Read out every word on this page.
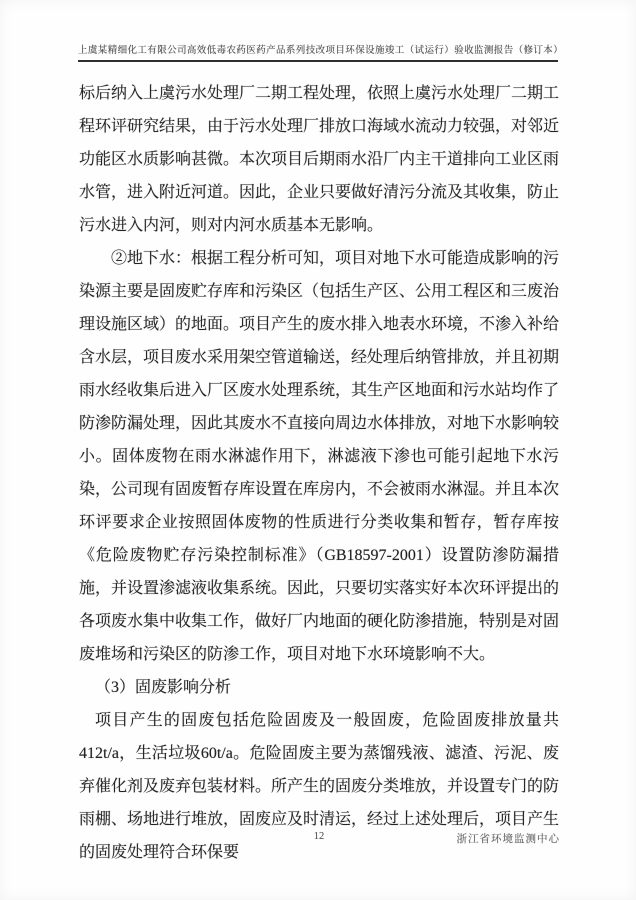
上虞某精细化工有限公司高效低毒农药医药产品系列技改项目环保设施竣工（试运行）验收监测报告（修订本）

标后纳入上虞污水处理厂二期工程处理，依照上虞污水处理厂二期工程环评研究结果，由于污水处理厂排放口海域水流动力较强，对邻近功能区水质影响甚微。本次项目后期雨水沿厂内主干道排向工业区雨水管，进入附近河道。因此，企业只要做好清污分流及其收集，防止污水进入内河，则对内河水质基本无影响。

②地下水：根据工程分析可知，项目对地下水可能造成影响的污染源主要是固废贮存库和污染区（包括生产区、公用工程区和三废治理设施区域）的地面。项目产生的废水排入地表水环境，不渗入补给含水层，项目废水采用架空管道输送，经处理后纳管排放，并且初期雨水经收集后进入厂区废水处理系统，其生产区地面和污水站均作了防渗防漏处理，因此其废水不直接向周边水体排放，对地下水影响较小。固体废物在雨水淋滤作用下，淋滤液下渗也可能引起地下水污染，公司现有固废暂存库设置在库房内，不会被雨水淋湿。并且本次环评要求企业按照固体废物的性质进行分类收集和暂存，暂存库按《危险废物贮存污染控制标准》（GB18597-2001）设置防渗防漏措施，并设置渗滤液收集系统。因此，只要切实落实好本次环评提出的各项废水集中收集工作，做好厂内地面的硬化防渗措施，特别是对固废堆场和污染区的防渗工作，项目对地下水环境影响不大。

（3）固废影响分析

项目产生的固废包括危险固废及一般固废，危险固废排放量共412t/a，生活垃圾60t/a。危险固废主要为蒸馏残液、滤渣、污泥、废弃催化剂及废弃包装材料。所产生的固废分类堆放，并设置专门的防雨棚、场地进行堆放，固废应及时清运，经过上述处理后，项目产生的固废处理符合环保要

12	浙江省环境监测中心
